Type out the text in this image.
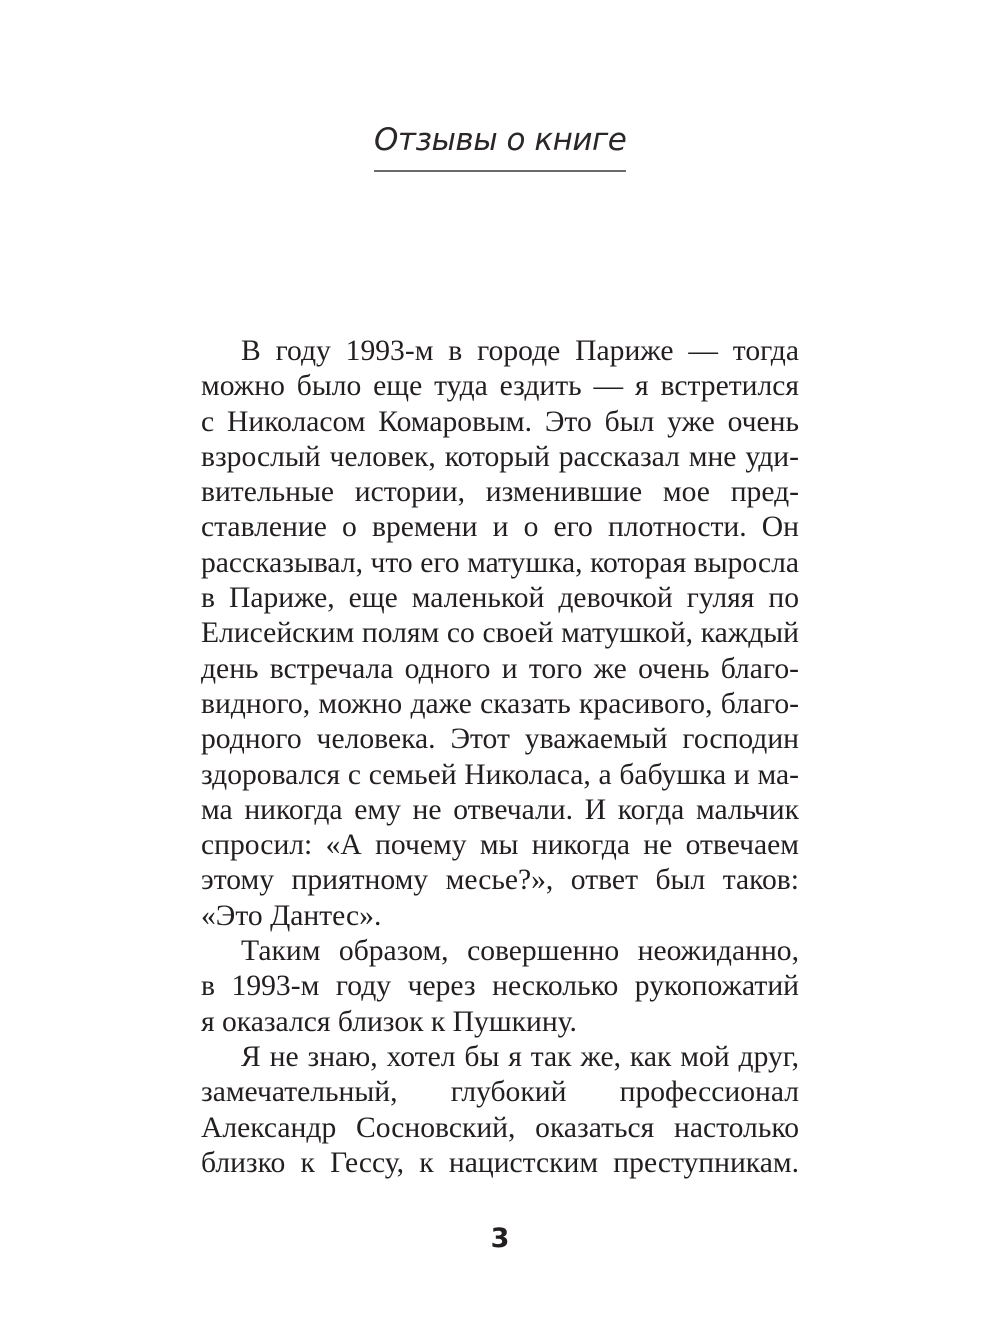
Отзывы о книге

В году 1993-м в городе Париже — тогда
можно было еще туда ездить — я встретился
с Николасом Комаровым. Это был уже очень
взрослый человек, который рассказал мне уди-
вительные истории, изменившие мое пред-
ставление о времени и о его плотности. Он
рассказывал, что его матушка, которая выросла
в Париже, еще маленькой девочкой гуляя по
Елисейским полям со своей матушкой, каждый
день встречала одного и того же очень благо-
видного, можно даже сказать красивого, благо-
родного человека. Этот уважаемый господин
здоровался с семьей Николаса, а бабушка и ма-
ма никогда ему не отвечали. И когда мальчик
спросил: «А почему мы никогда не отвечаем
этому приятному месье?», ответ был таков:
«Это Дантес».

Таким образом, совершенно неожиданно,
в 1993-м году через несколько рукопожатий
я оказался близок к Пушкину.

Я не знаю, хотел бы я так же, как мой друг,
замечательный, глубокий профессионал
Александр Сосновский, оказаться настолько
близко к Гессу, к нацистским преступникам.

3
